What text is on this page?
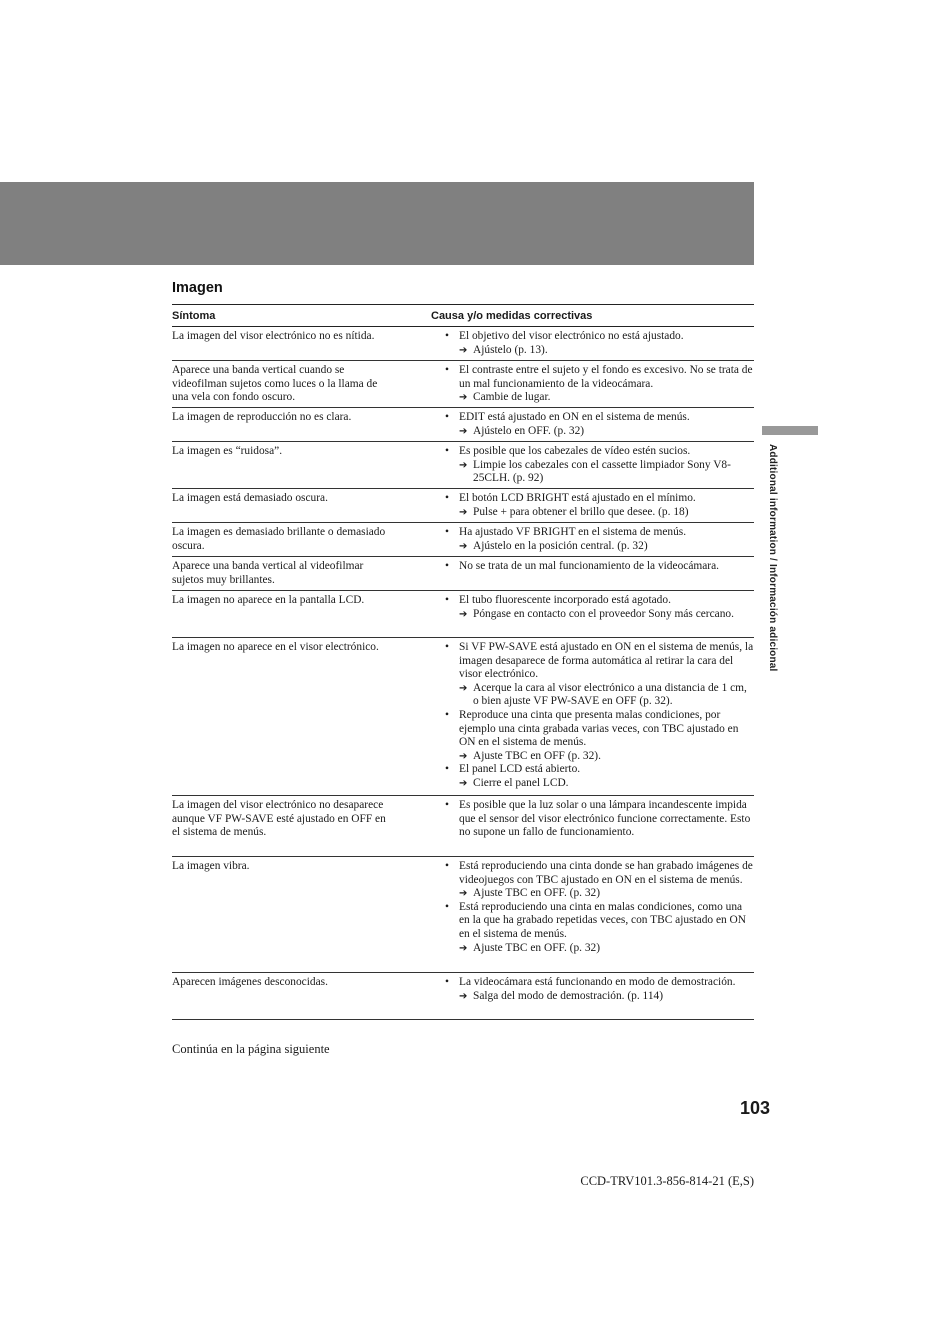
Imagen
Síntoma	Causa y/o medidas correctivas
La imagen del visor electrónico no es nítida.	• El objetivo del visor electrónico no está ajustado.
➔ Ajústelo (p. 13).
Aparece una banda vertical cuando se videofilman sujetos como luces o la llama de una vela con fondo oscuro.
• El contraste entre el sujeto y el fondo es excesivo. No se trata de un mal funcionamiento de la videocámara.
➔ Cambie de lugar.
La imagen de reproducción no es clara.	• EDIT está ajustado en ON en el sistema de menús.
➔ Ajústelo en OFF. (p. 32)
La imagen es “ruidosa”.	• Es posible que los cabezales de vídeo estén sucios.
➔ Limpie los cabezales con el cassette limpiador Sony V8-25CLH. (p. 92)
La imagen está demasiado oscura.	• El botón LCD BRIGHT está ajustado en el mínimo.
➔ Pulse + para obtener el brillo que desee. (p. 18)
La imagen es demasiado brillante o demasiado oscura.
• Ha ajustado VF BRIGHT en el sistema de menús.
➔ Ajústelo en la posición central. (p. 32)
Aparece una banda vertical al videofilmar sujetos muy brillantes.
• No se trata de un mal funcionamiento de la videocámara.
La imagen no aparece en la pantalla LCD.	• El tubo fluorescente incorporado está agotado.
➔ Póngase en contacto con el proveedor Sony más cercano.
La imagen no aparece en el visor electrónico.	• Si VF PW-SAVE está ajustado en ON en el sistema de menús, la imagen desaparece de forma automática al retirar la cara del visor electrónico.
➔ Acerque la cara al visor electrónico a una distancia de 1 cm, o bien ajuste VF PW-SAVE en OFF (p. 32).
• Reproduce una cinta que presenta malas condiciones, por ejemplo una cinta grabada varias veces, con TBC ajustado en ON en el sistema de menús.
➔ Ajuste TBC en OFF (p. 32).
• El panel LCD está abierto.
➔ Cierre el panel LCD.
La imagen del visor electrónico no desaparece aunque VF PW-SAVE esté ajustado en OFF en el sistema de menús.
• Es posible que la luz solar o una lámpara incandescente impida que el sensor del visor electrónico funcione correctamente. Esto no supone un fallo de funcionamiento.
La imagen vibra.	• Está reproduciendo una cinta donde se han grabado imágenes de videojuegos con TBC ajustado en ON en el sistema de menús.
➔ Ajuste TBC en OFF. (p. 32)
• Está reproduciendo una cinta en malas condiciones, como una en la que ha grabado repetidas veces, con TBC ajustado en ON en el sistema de menús.
➔ Ajuste TBC en OFF. (p. 32)
Aparecen imágenes desconocidas.	• La videocámara está funcionando en modo de demostración.
➔ Salga del modo de demostración. (p. 114)
Additional information / Información adicional
Continúa en la página siguiente
103
CCD-TRV101.3-856-814-21 (E,S)
